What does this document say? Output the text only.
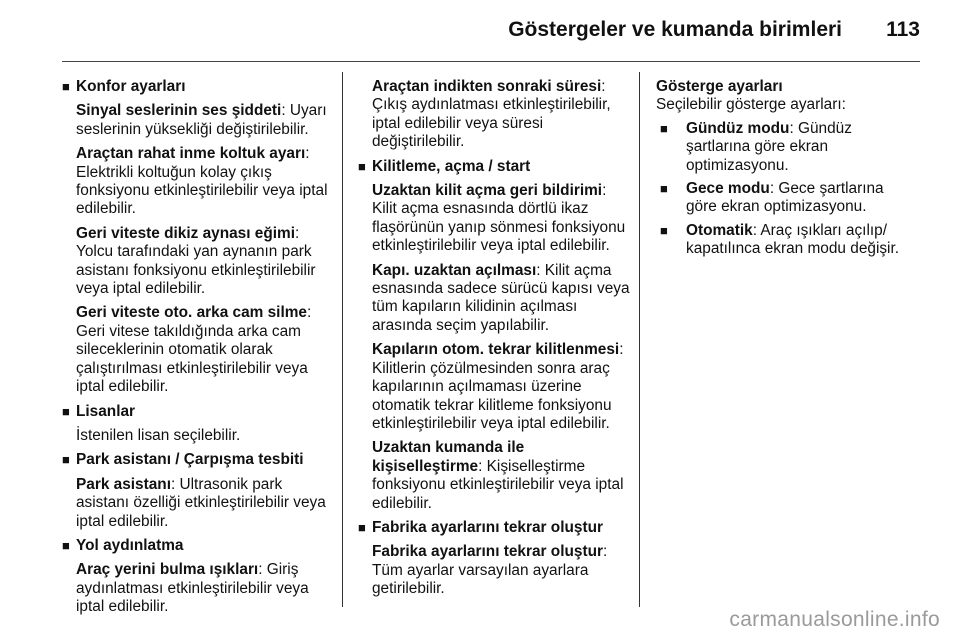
Göstergeler ve kumanda birimleri 113
■ Konfor ayarları
Sinyal seslerinin ses şiddeti: Uyarı seslerinin yüksekliği değiştirilebilir.
Araçtan rahat inme koltuk ayarı: Elektrikli koltuğun kolay çıkış fonksiyonu etkinleştirilebilir veya iptal edilebilir.
Geri viteste dikiz aynası eğimi: Yolcu tarafındaki yan aynanın park asistanı fonksiyonu etkinleştirilebilir veya iptal edilebilir.
Geri viteste oto. arka cam silme: Geri vitese takıldığında arka cam sileceklerinin otomatik olarak çalıştırılması etkinleştirilebilir veya iptal edilebilir.
■ Lisanlar
İstenilen lisan seçilebilir.
■ Park asistanı / Çarpışma tesbiti
Park asistanı: Ultrasonik park asistanı özelliği etkinleştirilebilir veya iptal edilebilir.
■ Yol aydınlatma
Araç yerini bulma ışıkları: Giriş aydınlatması etkinleştirilebilir veya iptal edilebilir.
Araçtan indikten sonraki süresi: Çıkış aydınlatması etkinleştirilebilir, iptal edilebilir veya süresi değiştirilebilir.
■ Kilitleme, açma / start
Uzaktan kilit açma geri bildirimi: Kilit açma esnasında dörtlü ikaz flaşörünün yanıp sönmesi fonksiyonu etkinleştirilebilir veya iptal edilebilir.
Kapı. uzaktan açılması: Kilit açma esnasında sadece sürücü kapısı veya tüm kapıların kilidinin açılması arasında seçim yapılabilir.
Kapıların otom. tekrar kilitlenmesi: Kilitlerin çözülmesinden sonra araç kapılarının açılmaması üzerine otomatik tekrar kilitleme fonksiyonu etkinleştirilebilir veya iptal edilebilir.
Uzaktan kumanda ile kişiselleştirme: Kişiselleştirme fonksiyonu etkinleştirilebilir veya iptal edilebilir.
■ Fabrika ayarlarını tekrar oluştur
Fabrika ayarlarını tekrar oluştur: Tüm ayarlar varsayılan ayarlara getirilebilir.
Gösterge ayarları
Seçilebilir gösterge ayarları:
■ Gündüz modu: Gündüz şartlarına göre ekran optimizasyonu.
■ Gece modu: Gece şartlarına göre ekran optimizasyonu.
■ Otomatik: Araç ışıkları açılıp/ kapatılınca ekran modu değişir.
carmanualsonline.info
